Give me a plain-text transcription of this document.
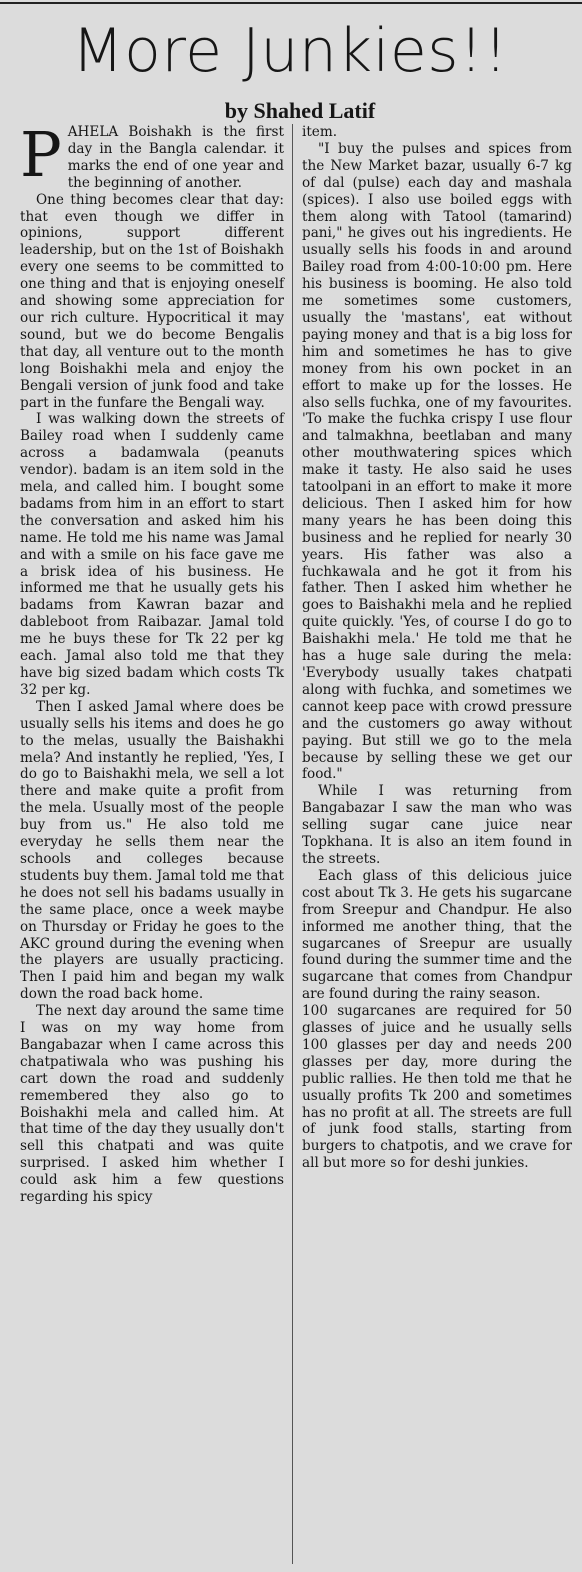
More Junkies!!
by Shahed Latif

PAHELA Boishakh is the first day in the Bangla calendar. it marks the end of one year and the beginning of another.

One thing becomes clear that day: that even though we differ in opinions, support different leadership, but on the 1st of Boishakh every one seems to be committed to one thing and that is enjoying oneself and showing some appreciation for our rich culture. Hypocritical it may sound, but we do become Bengalis that day, all venture out to the month long Boishakhi mela and enjoy the Bengali version of junk food and take part in the funfare the Bengali way.

I was walking down the streets of Bailey road when I suddenly came across a badamwala (peanuts vendor). badam is an item sold in the mela, and called him. I bought some badams from him in an effort to start the conversation and asked him his name. He told me his name was Jamal and with a smile on his face gave me a brisk idea of his business. He informed me that he usually gets his badams from Kawran bazar and dableboot from Raibazar. Jamal told me he buys these for Tk 22 per kg each. Jamal also told me that they have big sized badam which costs Tk 32 per kg.

Then I asked Jamal where does be usually sells his items and does he go to the melas, usually the Baishakhi mela? And instantly he replied, 'Yes, I do go to Baishakhi mela, we sell a lot there and make quite a profit from the mela. Usually most of the people buy from us." He also told me everyday he sells them near the schools and colleges because students buy them. Jamal told me that he does not sell his badams usually in the same place, once a week maybe on Thursday or Friday he goes to the AKC ground during the evening when the players are usually practicing. Then I paid him and began my walk down the road back home.

The next day around the same time I was on my way home from Bangabazar when I came across this chatpatiwala who was pushing his cart down the road and suddenly remembered they also go to Boishakhi mela and called him. At that time of the day they usually don't sell this chatpati and was quite surprised. I asked him whether I could ask him a few questions regarding his spicy

item.

"I buy the pulses and spices from the New Market bazar, usually 6-7 kg of dal (pulse) each day and mashala (spices). I also use boiled eggs with them along with Tatool (tamarind) pani," he gives out his ingredients. He usually sells his foods in and around Bailey road from 4:00-10:00 pm. Here his business is booming. He also told me sometimes some customers, usually the 'mastans', eat without paying money and that is a big loss for him and sometimes he has to give money from his own pocket in an effort to make up for the losses. He also sells fuchka, one of my favourites. 'To make the fuchka crispy I use flour and talmakhna, beetlaban and many other mouthwatering spices which make it tasty. He also said he uses tatoolpani in an effort to make it more delicious. Then I asked him for how many years he has been doing this business and he replied for nearly 30 years. His father was also a fuchkawala and he got it from his father. Then I asked him whether he goes to Baishakhi mela and he replied quite quickly. 'Yes, of course I do go to Baishakhi mela.' He told me that he has a huge sale during the mela: 'Everybody usually takes chatpati along with fuchka, and sometimes we cannot keep pace with crowd pressure and the customers go away without paying. But still we go to the mela because by selling these we get our food."

While I was returning from Bangabazar I saw the man who was selling sugar cane juice near Topkhana. It is also an item found in the streets.

Each glass of this delicious juice cost about Tk 3. He gets his sugarcane from Sreepur and Chandpur. He also informed me another thing, that the sugarcanes of Sreepur are usually found during the summer time and the sugarcane that comes from Chandpur are found during the rainy season.

100 sugarcanes are required for 50 glasses of juice and he usually sells 100 glasses per day and needs 200 glasses per day, more during the public rallies. He then told me that he usually profits Tk 200 and sometimes has no profit at all. The streets are full of junk food stalls, starting from burgers to chatpotis, and we crave for all but more so for deshi junkies.
